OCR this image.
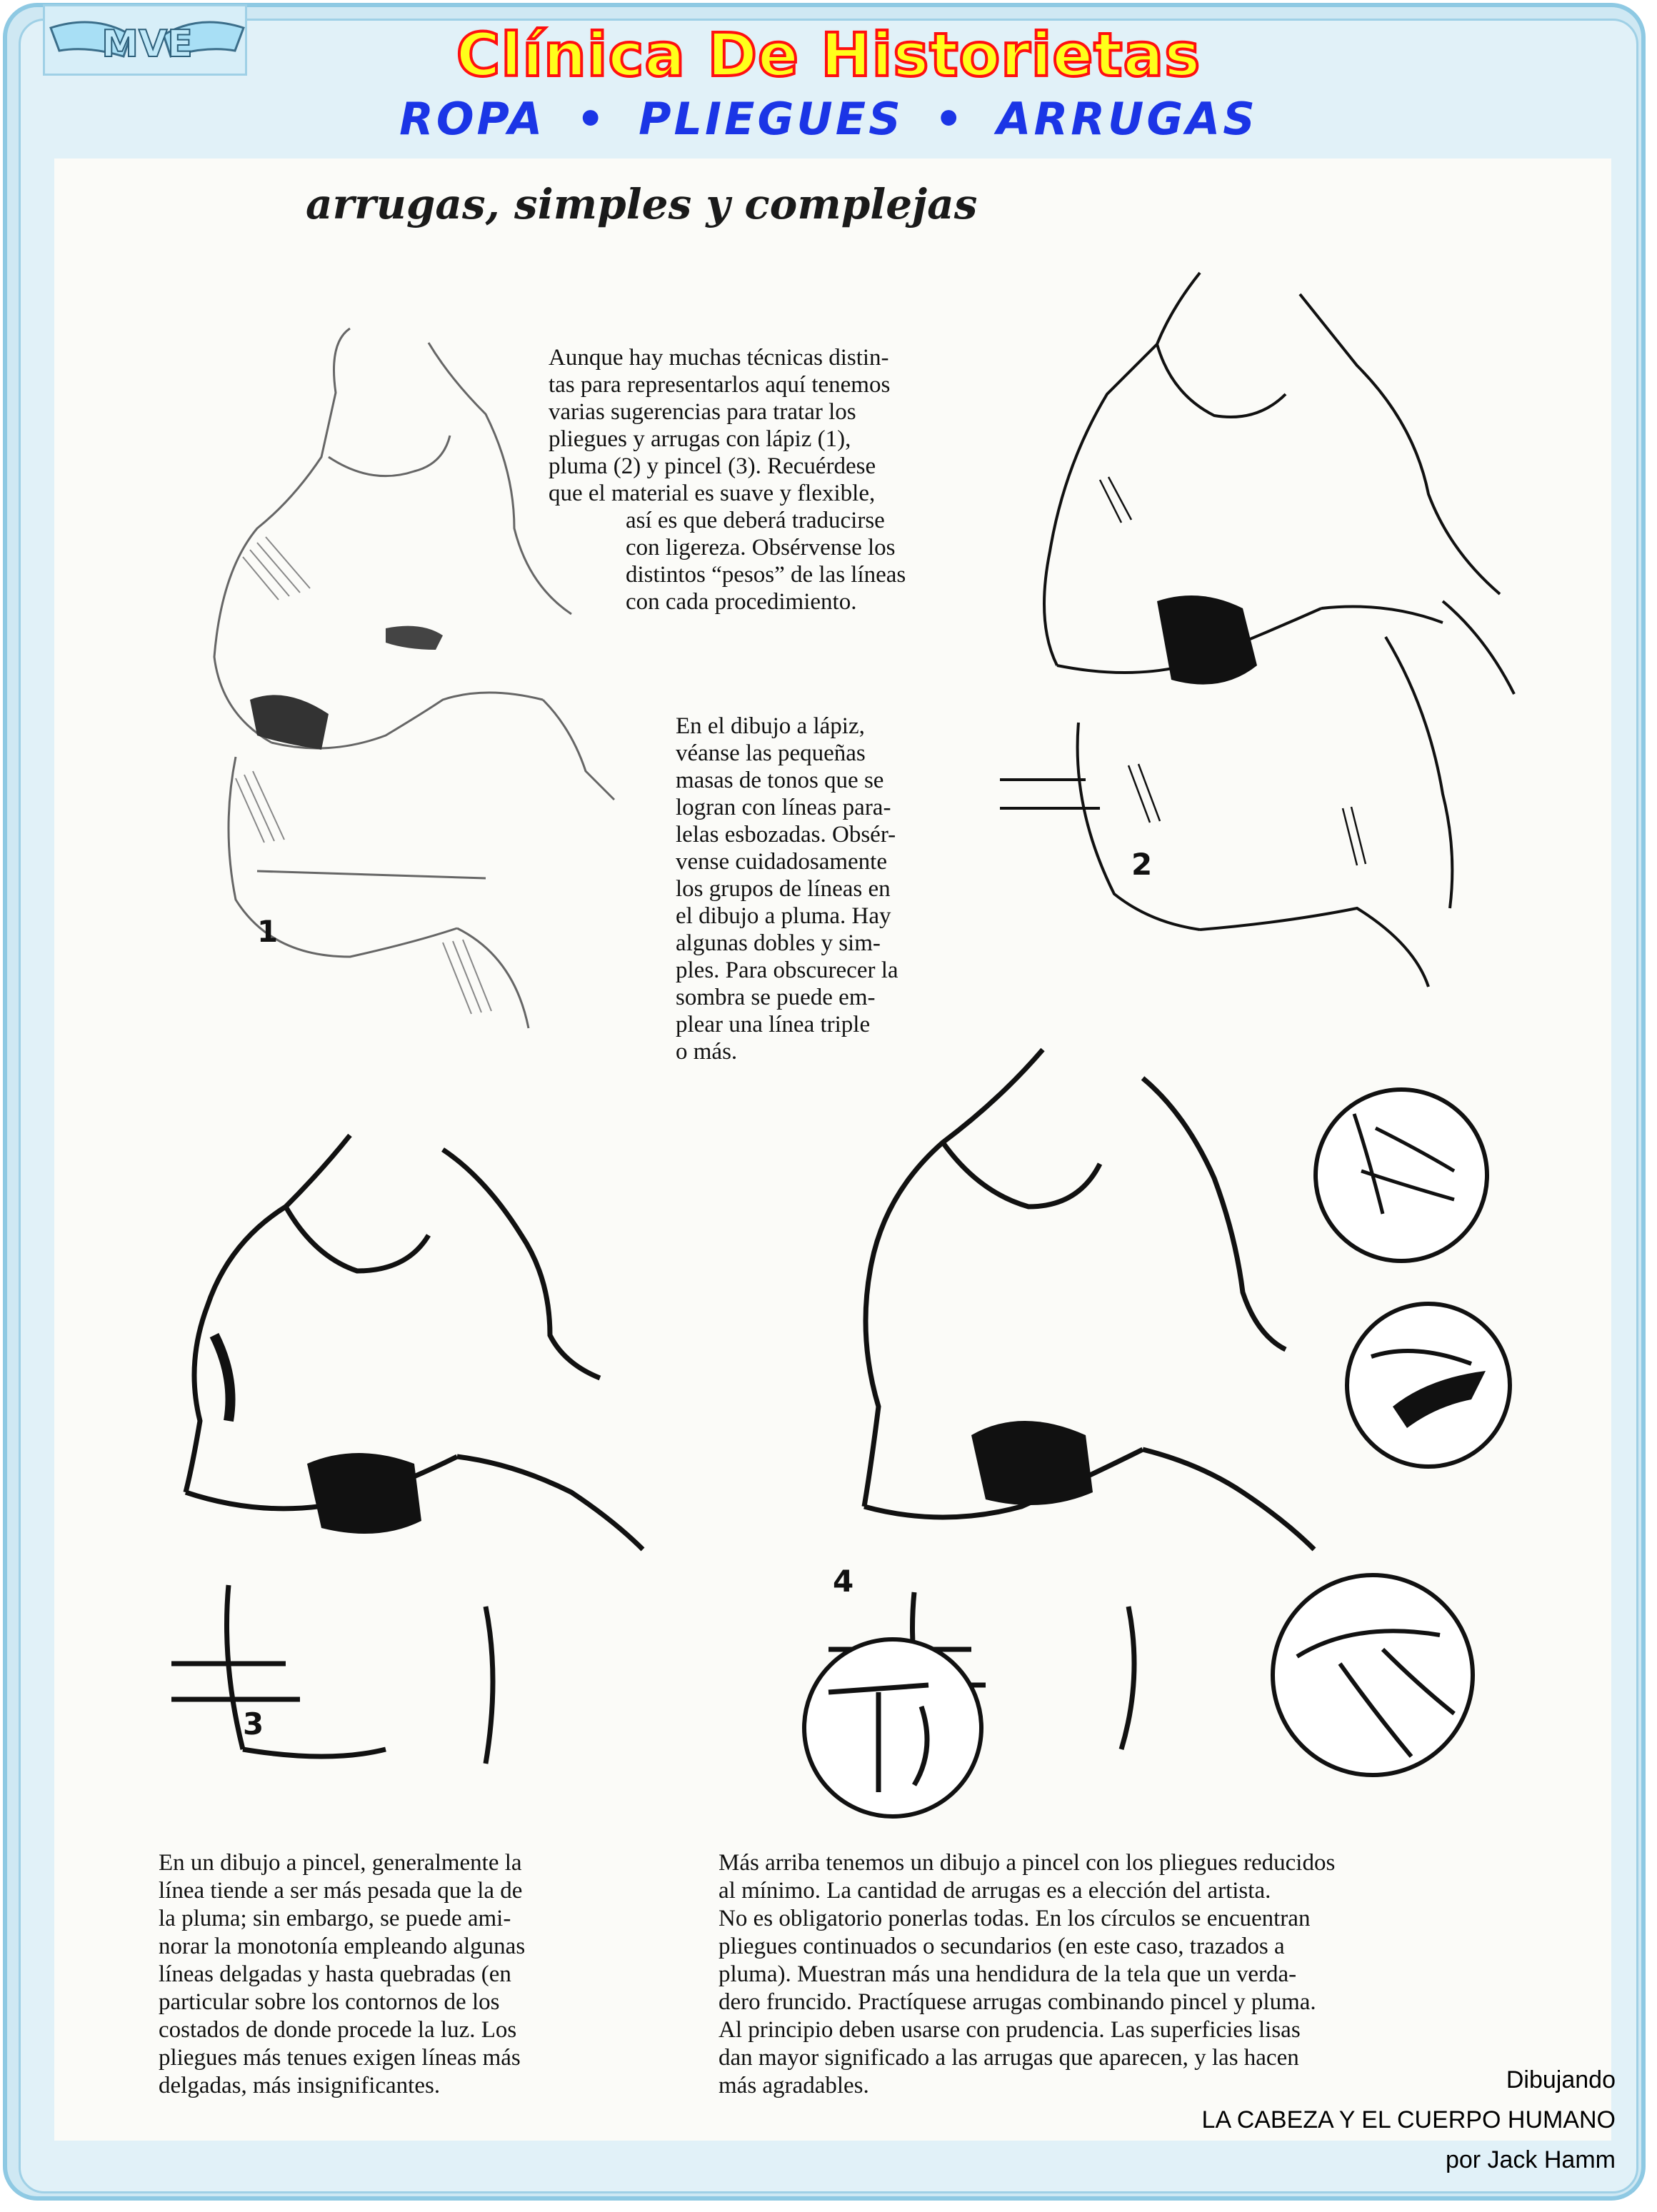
MVE	Clínica De Historietas
ROPA • PLIEGUES • ARRUGAS
arrugas, simples y complejas
Aunque hay muchas técnicas distin-
tas para representarlos aquí tenemos
varias sugerencias para tratar los
pliegues y arrugas con lápiz (1),
pluma (2) y pincel (3). Recuérdese
que el material es suave y flexible,
así es que deberá traducirse
con ligereza. Obsérvense los
distintos “pesos” de las líneas
con cada procedimiento.
En el dibujo a lápiz,
véanse las pequeñas
masas de tonos que se
logran con líneas para-
lelas esbozadas. Obsér-
vense cuidadosamente
los grupos de líneas en
el dibujo a pluma. Hay
algunas dobles y sim-
ples. Para obscurecer la
sombra se puede em-
plear una línea triple
o más.
En un dibujo a pincel, generalmente la
línea tiende a ser más pesada que la de
la pluma; sin embargo, se puede ami-
norar la monotonía empleando algunas
líneas delgadas y hasta quebradas (en
particular sobre los contornos de los
costados de donde procede la luz. Los
pliegues más tenues exigen líneas más
delgadas, más insignificantes.
Más arriba tenemos un dibujo a pincel con los pliegues reducidos
al mínimo. La cantidad de arrugas es a elección del artista.
No es obligatorio ponerlas todas. En los círculos se encuentran
pliegues continuados o secundarios (en este caso, trazados a
pluma). Muestran más una hendidura de la tela que un verda-
dero fruncido. Practíquese arrugas combinando pincel y pluma.
Al principio deben usarse con prudencia. Las superficies lisas
dan mayor significado a las arrugas que aparecen, y las hacen
más agradables.
1
2
3
4
Dibujando
LA CABEZA Y EL CUERPO HUMANO
por Jack Hamm
